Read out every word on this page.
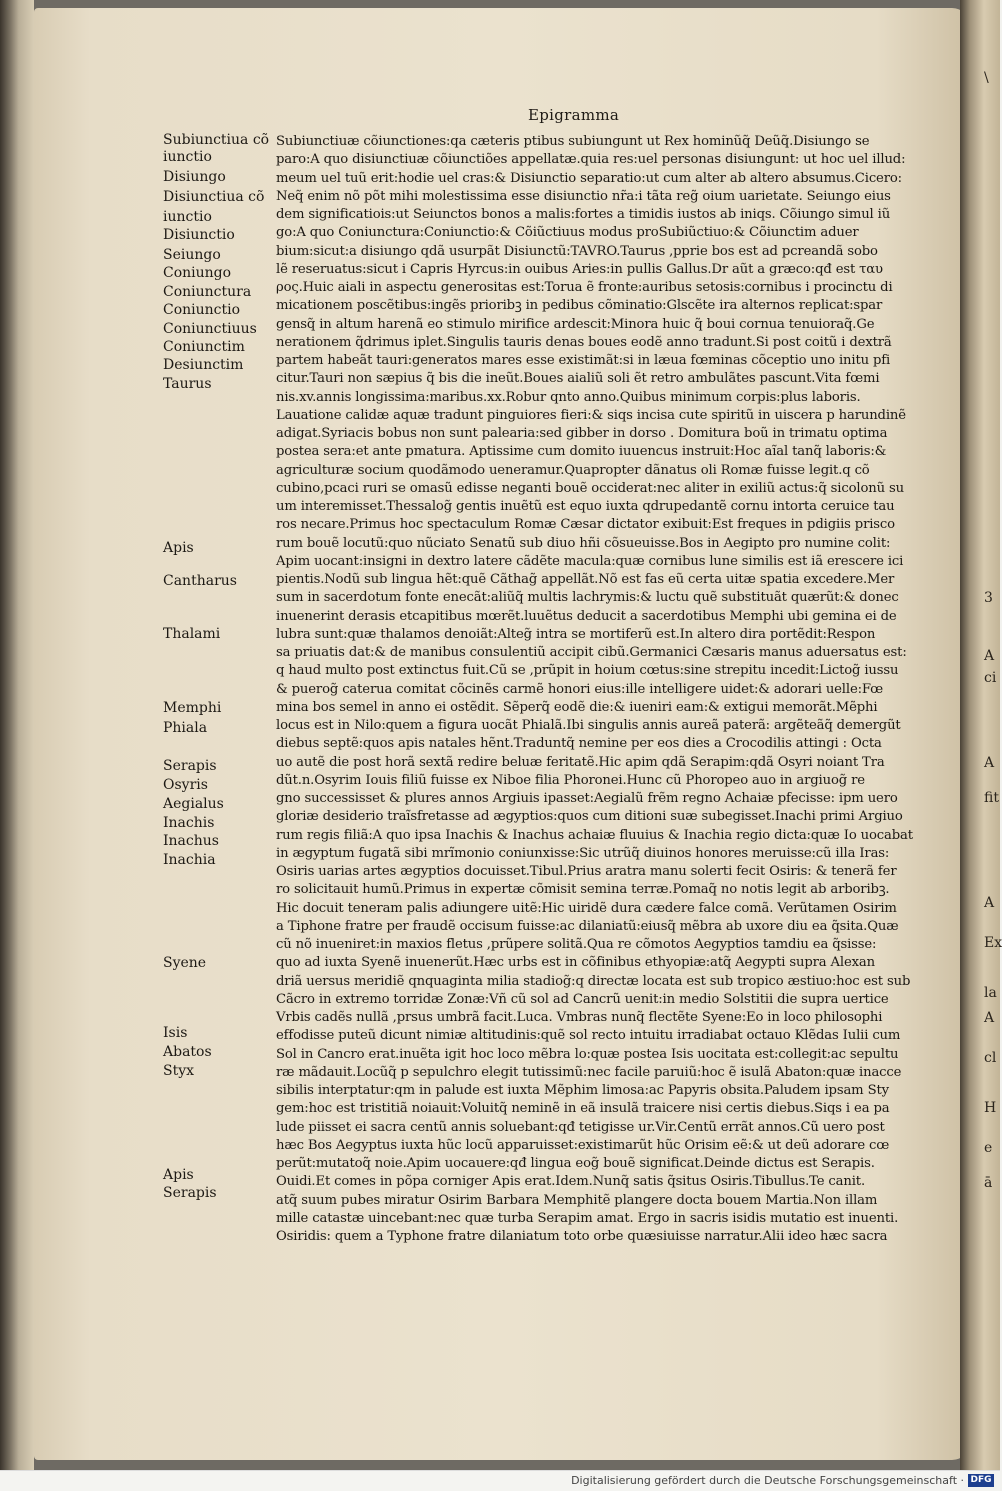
\
3
A
ci
A
fit
A
Ex
la
A
cl
H
e
ā
Epigramma
Subiunctiua cõ
iunctio
Disiungo
Disiunctiua cõ
iunctio
Disiunctio
Seiungo
Coniungo
Coniunctura
Coniunctio
Coniunctiuus
Coniunctim
Desiunctim
Taurus
Apis
Cantharus
Thalami
Memphi
Phiala
Serapis
Osyris
Aegialus
Inachis
Inachus
Inachia
Syene
Isis
Abatos
Styx
Apis
Serapis
Subiunctiuæ cõiunctiones:qa cæteris ptibus subiungunt ut Rex hominũq̃ Deũq̃.Disiungo se
paro:A quo disiunctiuæ cõiunctiões appellatæ.quia res:uel personas disiungunt: ut hoc uel illud:
meum uel tuũ erit:hodie uel cras:& Disiunctio separatio:ut cum alter ab altero absumus.Cicero:
Neq̃ enim nõ põt mihi molestissima esse disiunctio nr̃a:i tãta reg̃ oium uarietate. Seiungo eius
dem significatiois:ut Seiunctos bonos a malis:fortes a timidis iustos ab iniqs. Cõiungo simul iũ
go:A quo Coniunctura:Coniunctio:& Cõiũctiuus modus proSubiũctiuo:& Cõiunctim aduer
bium:sicut:a disiungo qdã usurpãt Disiunctũ:TAVRO.Taurus ,pprie bos est ad pcreandã sobo
lẽ reseruatus:sicut i Capris Hyrcus:in ouibus Aries:in pullis Gallus.Dr aũt a græco:qđ est ταυ
ρος.Huic aiali in aspectu generositas est:Torua ẽ fronte:auribus setosis:cornibus i procinctu di
micationem poscẽtibus:ingẽs prioribꝫ in pedibus cõminatio:Glscẽte ira alternos replicat:spar
gensq̃ in altum harenã eo stimulo mirifice ardescit:Minora huic q̃ boui cornua tenuioraq̃.Ge
nerationem q̃drimus iplet.Singulis tauris denas boues eodẽ anno tradunt.Si post coitũ i dextrã
partem habeãt tauri:generatos mares esse existimãt:si in læua fœminas cõceptio uno initu pfi
citur.Tauri non sæpius q̃ bis die ineũt.Boues aialiũ soli ẽt retro ambulãtes pascunt.Vita fœmi
nis.xv.annis longissima:maribus.xx.Robur qnto anno.Quibus minimum corpis:plus laboris.
Lauatione calidæ aquæ tradunt pinguiores fieri:& siqs incisa cute spiritũ in uiscera p harundinẽ
adigat.Syriacis bobus non sunt palearia:sed gibber in dorso . Domitura boũ in trimatu optima
postea sera:et ante pmatura. Aptissime cum domito iuuencus instruit:Hoc aĩal tanq̃ laboris:&
agriculturæ socium quodãmodo ueneramur.Quapropter dãnatus oli Romæ fuisse legit.q cõ
cubino,pcaci ruri se omasũ edisse neganti bouẽ occiderat:nec aliter in exiliũ actus:q̃ sicolonũ su
um interemisset.Thessalog̃ gentis inuẽtũ est equo iuxta qdrupedantẽ cornu intorta ceruice tau
ros necare.Primus hoc spectaculum Romæ Cæsar dictator exibuit:Est freques in pdigiis prisco
rum bouẽ locutũ:quo nũciato Senatũ sub diuo hñi cõsueuisse.Bos in Aegipto pro numine colit:
Apim uocant:insigni in dextro latere cãdẽte macula:quæ cornibus lune similis est iã erescere ici
pientis.Nodũ sub lingua hẽt:quẽ Cãthag̃ appellãt.Nõ est fas eũ certa uitæ spatia excedere.Mer
sum in sacerdotum fonte enecãt:aliũq̃ multis lachrymis:& luctu quẽ substituãt quærũt:& donec
inuenerint derasis etcapitibus mœrẽt.luuẽtus deducit a sacerdotibus Memphi ubi gemina ei de
lubra sunt:quæ thalamos denoiãt:Alteg̃ intra se mortiferũ est.In altero dira portẽdit:Respon
sa priuatis dat:& de manibus consulentiũ accipit cibũ.Germanici Cæsaris manus aduersatus est:
q haud multo post extinctus fuit.Cũ se ,prũpit in hoium cœtus:sine strepitu incedit:Lictog̃ iussu
& puerog̃ caterua comitat cõcinẽs carmẽ honori eius:ille intelligere uidet:& adorari uelle:Fœ
mina bos semel in anno ei ostẽdit. Sẽperq̃ eodẽ die:& iueniri eam:& extigui memorãt.Mẽphi
locus est in Nilo:quem a figura uocãt Phialã.Ibi singulis annis aureã paterã: argẽteãq̃ demergũt
diebus septẽ:quos apis natales hẽnt.Traduntq̃ nemine per eos dies a Crocodilis attingi : Octa
uo autẽ die post horã sextã redire beluæ feritatẽ.Hic apim qdã Serapim:qdã Osyri noiant Tra
dũt.n.Osyrim Iouis filiũ fuisse ex Niboe filia Phoronei.Hunc cũ Phoropeo auo in argiuog̃ re
gno successisset & plures annos Argiuis ipasset:Aegialũ frẽm regno Achaiæ pfecisse: ipm uero
gloriæ desiderio traĩsfretasse ad ægyptios:quos cum ditioni suæ subegisset.Inachi primi Argiuo
rum regis filiã:A quo ipsa Inachis & Inachus achaiæ fluuius & Inachia regio dicta:quæ Io uocabat
in ægyptum fugatã sibi mrĩmonio coniunxisse:Sic utrũq̃ diuinos honores meruisse:cũ illa Iras:
Osiris uarias artes ægyptios docuisset.Tibul.Prius aratra manu solerti fecit Osiris: & tenerã fer
ro solicitauit humũ.Primus in expertæ cõmisit semina terræ.Pomaq̃ no notis legit ab arboribꝫ.
Hic docuit teneram palis adiungere uitẽ:Hic uiridẽ dura cædere falce comã. Verũtamen Osirim
a Tiphone fratre per fraudẽ occisum fuisse:ac dilaniatũ:eiusq̃ mẽbra ab uxore diu ea q̃sita.Quæ
cũ nõ inueniret:in maxios fletus ,prũpere solitã.Qua re cõmotos Aegyptios tamdiu ea q̃sisse:
quo ad iuxta Syenẽ inuenerũt.Hæc urbs est in cõfinibus ethyopiæ:atq̃ Aegypti supra Alexan
driã uersus meridiẽ qnquaginta milia stadiog̃:q directæ locata est sub tropico æstiuo:hoc est sub
Cãcro in extremo torridæ Zonæ:Vñ cũ sol ad Cancrũ uenit:in medio Solstitii die supra uertice
Vrbis cadẽs nullã ,prsus umbrã facit.Luca. Vmbras nunq̃ flectẽte Syene:Eo in loco philosophi
effodisse puteũ dicunt nimiæ altitudinis:quẽ sol recto intuitu irradiabat octauo Klẽdas Iulii cum
Sol in Cancro erat.inuẽta igit hoc loco mẽbra lo:quæ postea Isis uocitata est:collegit:ac sepultu
ræ mãdauit.Locũq̃ p sepulchro elegit tutissimũ:nec facile paruiũ:hoc ẽ isulã Abaton:quæ inacce
sibilis interptatur:qm in palude est iuxta Mẽphim limosa:ac Papyris obsita.Paludem ipsam Sty
gem:hoc est tristitiã noiauit:Voluitq̃ neminẽ in eã insulã traicere nisi certis diebus.Siqs i ea pa
lude piisset ei sacra centũ annis soluebant:qđ tetigisse ur.Vir.Centũ errãt annos.Cũ uero post
hæc Bos Aegyptus iuxta hũc locũ apparuisset:existimarũt hũc Orisim eẽ:& ut deũ adorare cœ
perũt:mutatoq̃ noie.Apim uocauere:qđ lingua eog̃ bouẽ significat.Deinde dictus est Serapis.
Ouidi.Et comes in põpa corniger Apis erat.Idem.Nunq̃ satis q̃situs Osiris.Tibullus.Te canit.
atq̃ suum pubes miratur Osirim Barbara Memphitẽ plangere docta bouem Martia.Non illam
mille catastæ uincebant:nec quæ turba Serapim amat. Ergo in sacris isidis mutatio est inuenti.
Osiridis: quem a Typhone fratre dilaniatum toto orbe quæsiuisse narratur.Alii ideo hæc sacra
Digitalisierung gefördert durch die Deutsche Forschungsgemeinschaft · DFG
